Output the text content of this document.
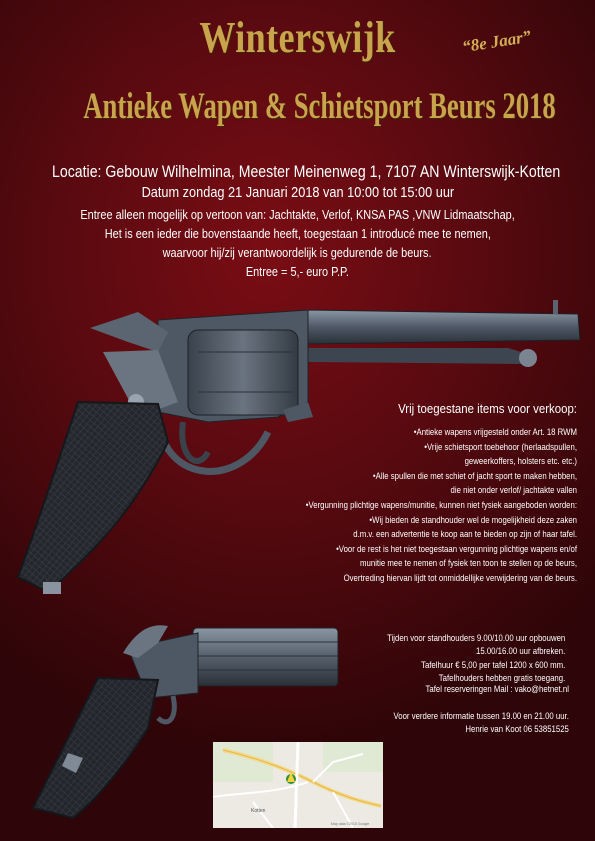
Winterswijk	“8e Jaar”
Antieke Wapen & Schietsport Beurs 2018
Locatie: Gebouw Wilhelmina, Meester Meinenweg 1, 7107 AN Winterswijk-Kotten
Datum zondag 21 Januari 2018 van 10:00 tot 15:00 uur
Entree alleen mogelijk op vertoon van: Jachtakte, Verlof, KNSA PAS ,VNW Lidmaatschap,
Het is een ieder die bovenstaande heeft, toegestaan 1 introducé mee te nemen,
waarvoor hij/zij verantwoordelijk is gedurende de beurs.
Entree = 5,- euro P.P.
Vrij toegestane items voor verkoop:
•Antieke wapens vrijgesteld onder Art. 18 RWM
•Vrije schietsport toebehoor (herlaadspullen,
geweerkoffers, holsters etc. etc.)
•Alle spullen die met schiet of jacht sport te maken hebben,
die niet onder verlof/ jachtakte vallen
•Vergunning plichtige wapens/munitie, kunnen niet fysiek aangeboden worden:
•Wij bieden de standhouder wel de mogelijkheid deze zaken
d.m.v. een advertentie te koop aan te bieden op zijn of haar tafel.
•Voor de rest is het niet toegestaan vergunning plichtige wapens en/of
munitie mee te nemen of fysiek ten toon te stellen op de beurs,
Overtreding hiervan lijdt tot onmiddellijke verwijdering van de beurs.
Tijden voor standhouders 9.00/10.00 uur opbouwen
15.00/16.00 uur afbreken.
Tafelhuur € 5,00 per tafel 1200 x 600 mm.
Tafelhouders hebben gratis toegang.
Tafel reserveringen Mail : vako@hetnet.nl
Voor verdere informatie tussen 19.00 en 21.00 uur.
Henrie van Koot 06 53851525
Kotten
Map data ©2015 Google
